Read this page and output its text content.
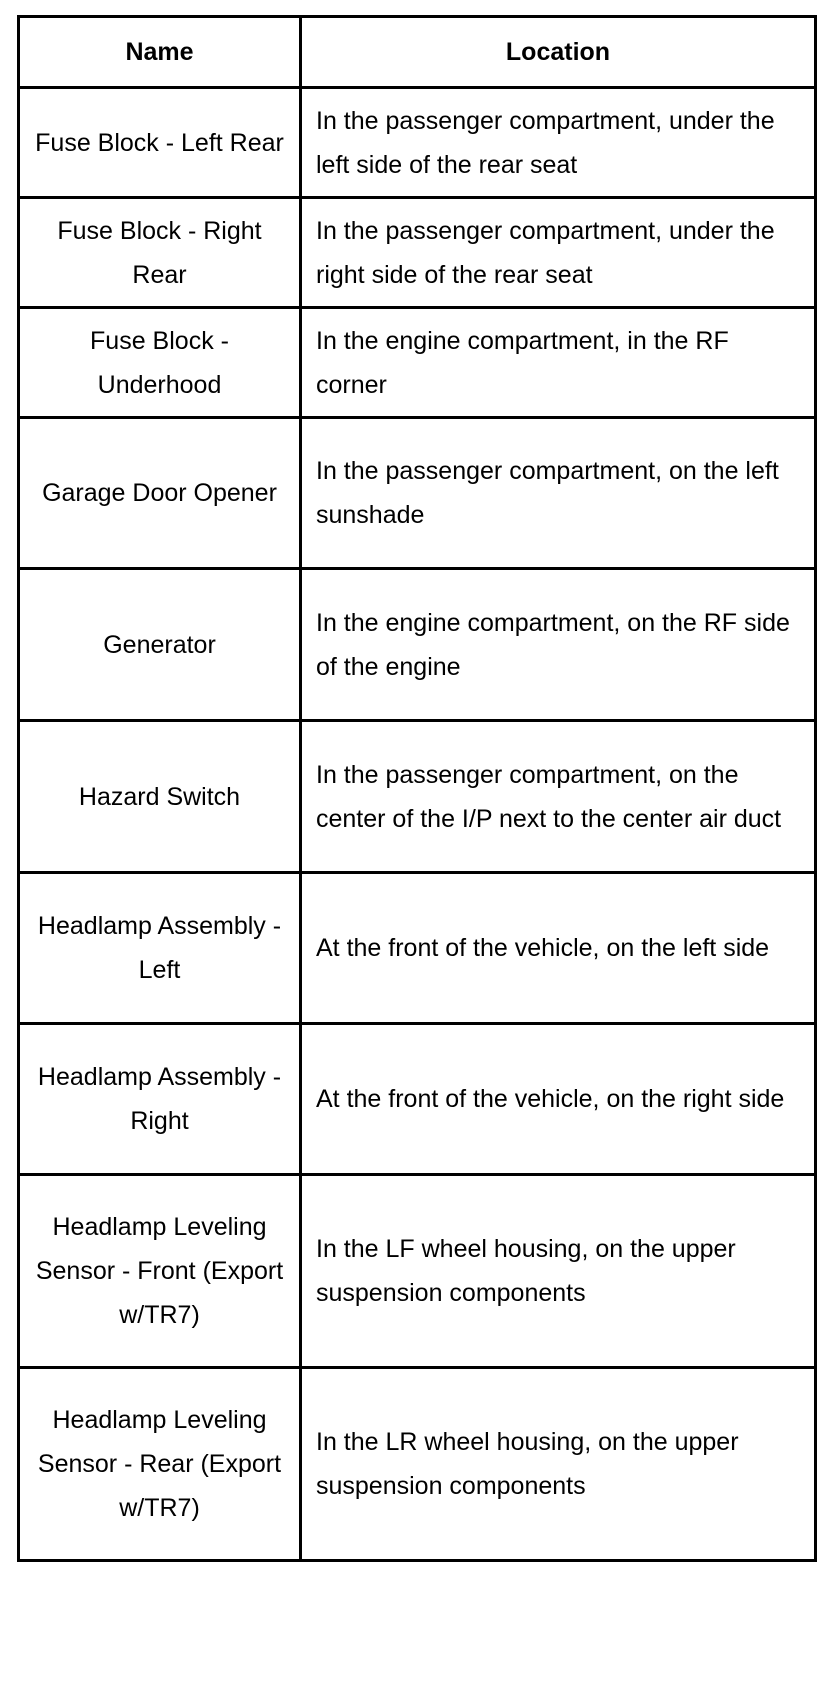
Name	Location

Fuse Block - Left Rear	In the passenger compartment, under the left side of the rear seat

Fuse Block - Right Rear	In the passenger compartment, under the right side of the rear seat

Fuse Block - Underhood	In the engine compartment, in the RF corner

Garage Door Opener	In the passenger compartment, on the left sunshade

Generator	In the engine compartment, on the RF side of the engine

Hazard Switch	In the passenger compartment, on the center of the I/P next to the center air duct

Headlamp Assembly - Left	At the front of the vehicle, on the left side

Headlamp Assembly - Right	At the front of the vehicle, on the right side

Headlamp Leveling Sensor - Front (Export w/TR7)	In the LF wheel housing, on the upper suspension components

Headlamp Leveling Sensor - Rear (Export w/TR7)	In the LR wheel housing, on the upper suspension components
